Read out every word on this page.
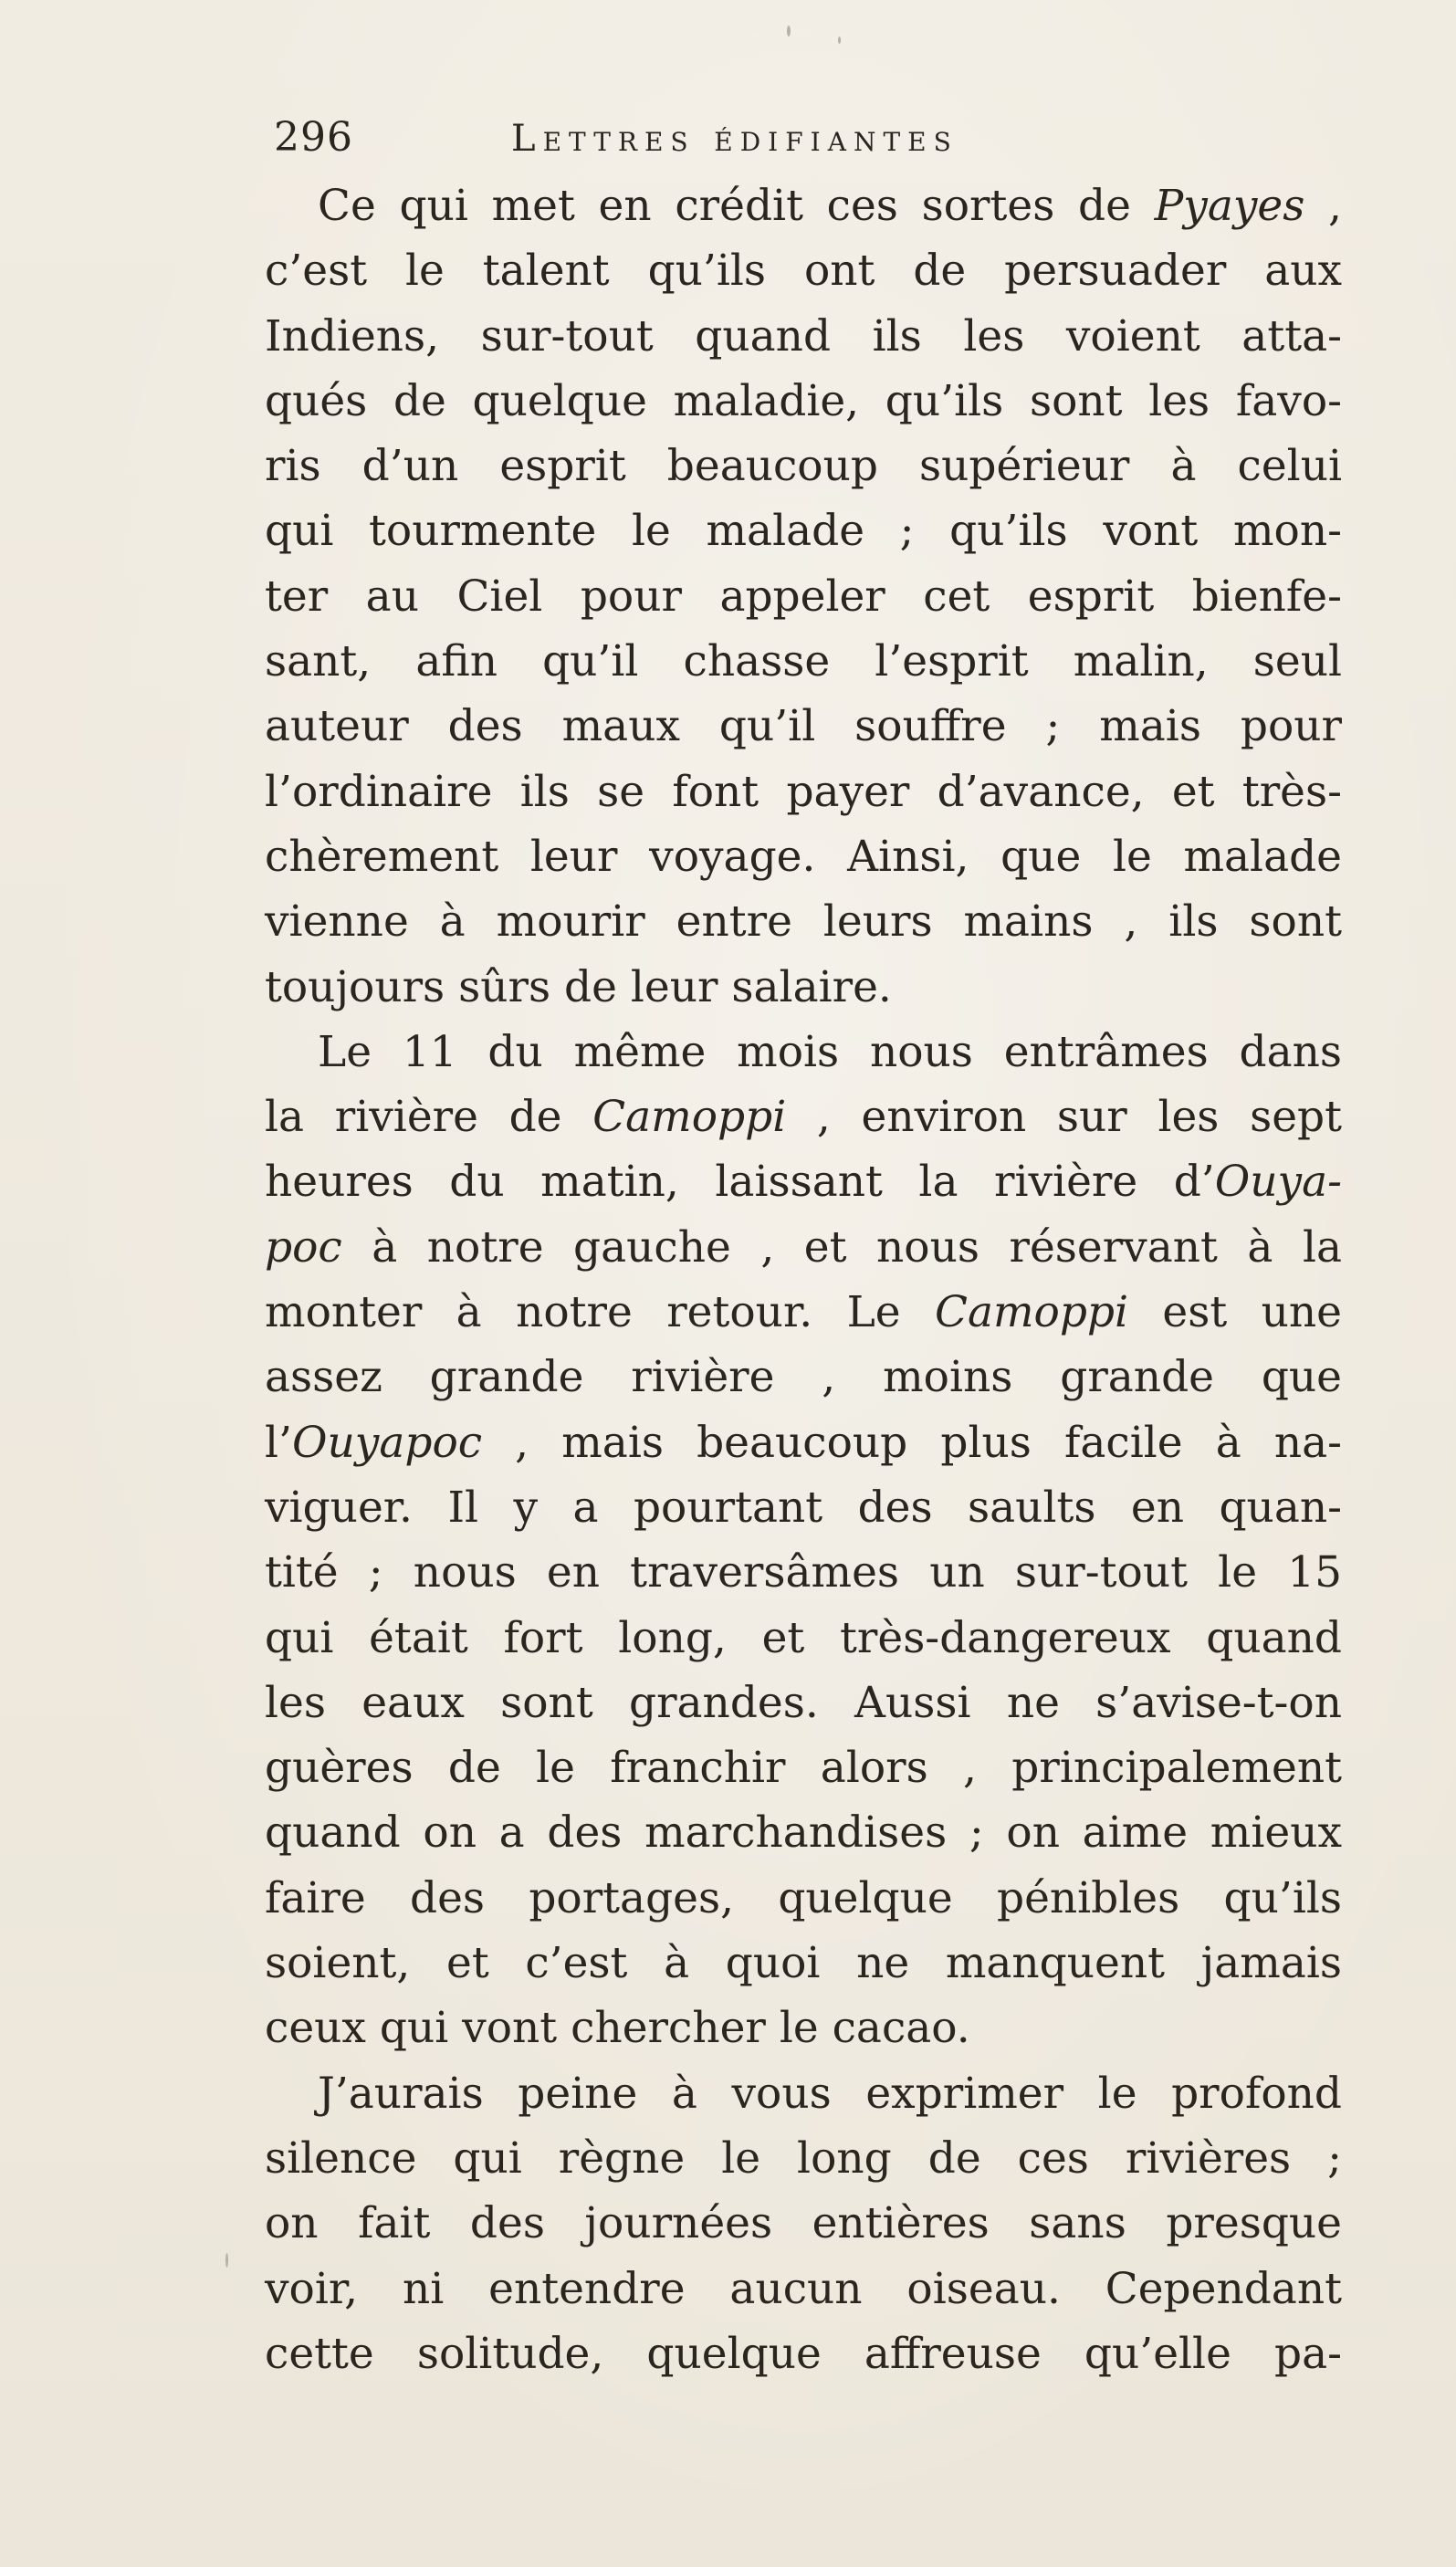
296	Lettres édifiantes
Ce qui met en crédit ces sortes de Pyayes ,
c’est le talent qu’ils ont de persuader aux
Indiens, sur-tout quand ils les voient atta-
qués de quelque maladie, qu’ils sont les favo-
ris d’un esprit beaucoup supérieur à celui
qui tourmente le malade ; qu’ils vont mon-
ter au Ciel pour appeler cet esprit bienfe-
sant, afin qu’il chasse l’esprit malin, seul
auteur des maux qu’il souffre ; mais pour
l’ordinaire ils se font payer d’avance, et très-
chèrement leur voyage. Ainsi, que le malade
vienne à mourir entre leurs mains , ils sont
toujours sûrs de leur salaire.
Le 11 du même mois nous entrâmes dans
la rivière de Camoppi , environ sur les sept
heures du matin, laissant la rivière d’Ouya-
poc à notre gauche , et nous réservant à la
monter à notre retour. Le Camoppi est une
assez grande rivière , moins grande que
l’Ouyapoc , mais beaucoup plus facile à na-
viguer. Il y a pourtant des saults en quan-
tité ; nous en traversâmes un sur-tout le 15
qui était fort long, et très-dangereux quand
les eaux sont grandes. Aussi ne s’avise-t-on
guères de le franchir alors , principalement
quand on a des marchandises ; on aime mieux
faire des portages, quelque pénibles qu’ils
soient, et c’est à quoi ne manquent jamais
ceux qui vont chercher le cacao.
J’aurais peine à vous exprimer le profond
silence qui règne le long de ces rivières ;
on fait des journées entières sans presque
voir, ni entendre aucun oiseau. Cependant
cette solitude, quelque affreuse qu’elle pa-
